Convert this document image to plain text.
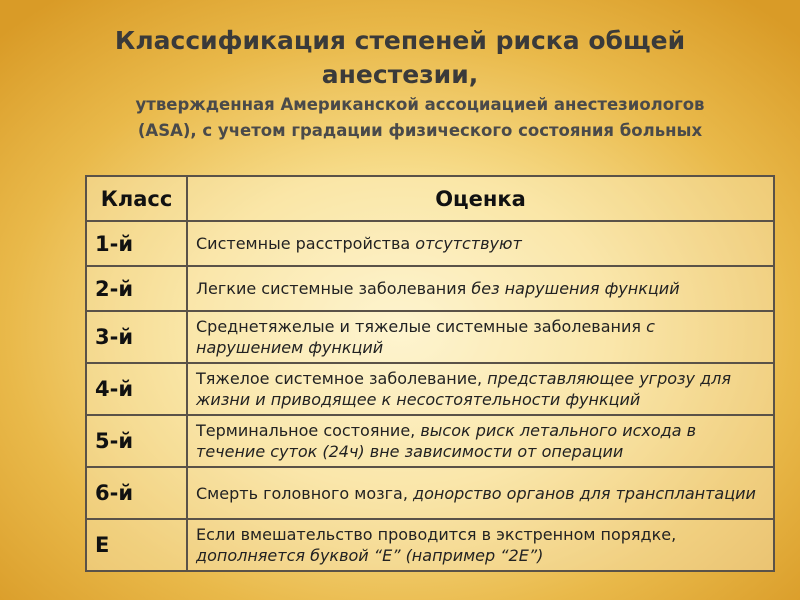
Классификация степеней риска общей
анестезии,
утвержденная Американской ассоциацией анестезиологов
(ASA), с учетом градации физического состояния больных
Класс	Оценка
1-й	Системные расстройства отсутствуют
2-й	Легкие системные заболевания без нарушения функций
3-й	Среднетяжелые и тяжелые системные заболевания с нарушением функций
4-й	Тяжелое системное заболевание, представляющее угрозу для жизни и приводящее к несостоятельности функций
5-й	Терминальное состояние, высок риск летального исхода в течение суток (24ч) вне зависимости от операции
6-й	Смерть головного мозга, донорство органов для трансплантации
Е	Если вмешательство проводится в экстренном порядке, дополняется буквой “Е” (например “2Е”)
